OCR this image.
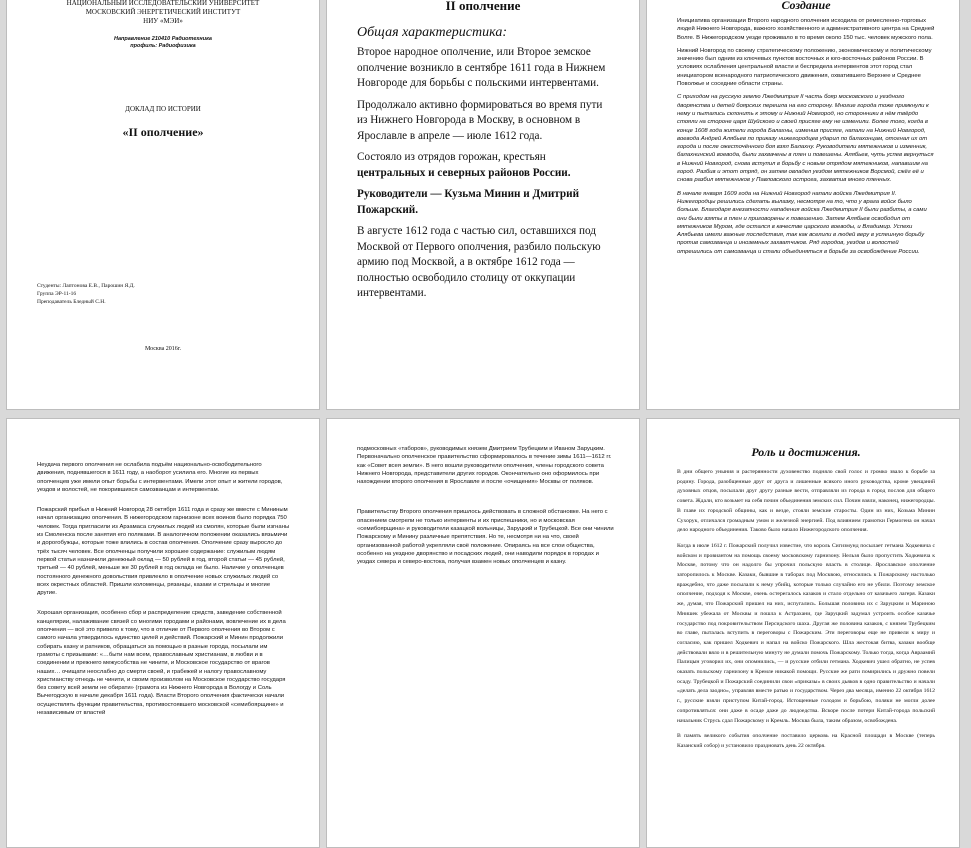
НАЦИОНАЛЬНЫЙ ИССЛЕДОВАТЕЛЬСКИЙ УНИВЕРСИТЕТ
МОСКОВСКИЙ ЭНЕРГЕТИЧЕСКИЙ ИНСТИТУТ
НИУ «МЭИ»
Направление 210410 Радиотехника
профиль: Радиофизика
ДОКЛАД ПО ИСТОРИИ
«II ополчение»
Студенты: Лаптонова Е.В., Парошин Я.Д.
Группа ЭР-11-16
Преподаватель Бледный С.Н.
Москва 2016г.
II ополчение
Общая характеристика:

Второе народное ополчение, или Второе земское ополчение возникло в сентябре 1611 года в Нижнем Новгороде для борьбы с польскими интервентами.

Продолжало активно формироваться во время пути из Нижнего Новгорода в Москву, в основном в Ярославле в апреле — июле 1612 года.

Состояло из отрядов горожан, крестьян
центральных и северных районов России.

Руководители — Кузьма Минин и Дмитрий Пожарский.

В августе 1612 года с частью сил, оставшихся под Москвой от Первого ополчения, разбило польскую армию под Москвой, а в октябре 1612 года — полностью освободило столицу от оккупации интервентами.

Создание

Инициатива организации Второго народного ополчения исходила от ремесленно-торговых людей Нижнего Новгорода, важного хозяйственного и административного центра на Средней Волге. В Нижегородском уезде проживало в то время около 150 тыс. человек мужского пола.

Нижний Новгород по своему стратегическому положению, экономическому и политическому значению был одним из ключевых пунктов восточных и юго-восточных районов России. В условиях ослабления центральной власти и беспредела интервентов этот город стал инициатором всенародного патриотического движения, охватившего Верхнее и Среднее Поволжье и соседние области страны.

С приходом на русскую землю Лжедмитрия II часть бояр московского и уездного дворянства и детей боярских перешла на его сторону. Многие города тоже примкнули к нему и пытались склонить к этому и Нижний Новгород, но сторонники в нём твёрдо стояли на стороне царя Шуйского и своей присяге ему не изменили. Более того, когда в конце 1608 года жители города Балахны, изменив присяге, напали на Нижний Новгород, воевода Андрей Алябьев по приказу нижегородцев ударил по балахонцам, отогнал их от города и после ожесточённого боя взял Балахну. Руководители мятежников и изменник, балахнинский воевода, были захвачены в плен и повешены. Алябьев, чуть успев вернуться в Нижний Новгород, снова вступил в борьбу с новым отрядом мятежников, напавшим на город. Разбив и этот отряд, он затем овладел уездом мятежников Ворсмой, сжёг её и снова разбил мятежников у Павловского острога, захватив много пленных.

В начале января 1609 года на Нижний Новгород напали войска Лжедмитрия II. Нижегородцы решились сделать вылазку, несмотря на то, что у врага войск было больше. Благодаря внезапности нападения войска Лжедмитрия II были разбиты, а сами они были взяты в плен и приговорены к повешению. Затем Алябьев освободил от мятежников Муром, где остался в качестве царского воеводы, и Владимир. Успехи Алябьева имели важные последствия, так как вселили в людей веру в успешную борьбу против самозванца и иноземных захватчиков. Ряд городов, уездов и волостей отрешились от самозванца и стали объединяться в борьбе за освобождение России.

Неудача первого ополчения не ослабила подъём национально-освободительного движения, поднявшегося в 1611 году, а наоборот усилила его. Многие из первых ополченцев уже имели опыт борьбы с интервентами. Имели этот опыт и жители городов, уездов и волостей, не покорившихся самозванцам и интервентам.

Пожарский прибыл в Нижний Новгород 28 октября 1611 года и сразу же вместе с Мининым начал организацию ополчения. В нижегородском гарнизоне всех воинов было порядка 750 человек. Тогда пригласили из Арзамаса служилых людей из смолян, которые были изгнаны из Смоленска после занятия его поляками. В аналогичном положении оказались вязьмичи и дорогобужцы, которые тоже влились в состав ополчения. Ополчение сразу выросло до трёх тысяч человек. Все ополченцы получили хорошее содержание: служилым людям первой статьи назначили денежный оклад — 50 рублей в год, второй статьи — 45 рублей, третьей — 40 рублей, меньше же 30 рублей в год оклада не было. Наличие у ополченцев постоянного денежного довольствия привлекло в ополчение новых служилых людей со всех окрестных областей. Пришли коломенцы, рязанцы, казаки и стрельцы и многие другие.

Хорошая организация, особенно сбор и распределение средств, заведение собственной канцелярии, налаживание связей со многими городами и районами, вовлечение их в дела ополчения — всё это привело к тому, что в отличие от Первого ополчения во Втором с самого начала утвердилось единство целей и действий. Пожарский и Минин продолжили собирать казну и ратников, обращаться за помощью в разные города, посылали им грамоты с призывами: «…быти нам всем, православным христианам, в любви и в соединении и прежнего межусобства не чинити, и Московское государство от врагов наших… очищати неослабно до смерти своей, и грабежей и налогу православному христианству отнюдь не чинити, и своим произволом на Московское государство государя без совету всей земли не обирати» (грамота из Нижнего Новгорода в Вологду и Соль Вычегодскую в начале декабря 1611 года). Власти Второго ополчения фактически начали осуществлять функции правительства, противостоявшего московской «семибоярщине» и независимым от властей

подмосковных «таборов», руководимых князем Дмитрием Трубецким и Иваном Заруцким. Первоначально ополченское правительство сформировалось в течение зимы 1611—1612 гг. как «Совет всея земли». В него вошли руководители ополчения, члены городского совета Нижнего Новгорода, представители других городов. Окончательно оно оформилось при нахождении второго ополчения в Ярославле и после «очищения» Москвы от поляков.

Правительству Второго ополчения пришлось действовать в сложной обстановке. На него с опасением смотрели не только интервенты и их приспешники, но и московская «семибоярщина» и руководители казацкой вольницы, Заруцкий и Трубецкой. Все они чинили Пожарскому и Минину различные препятствия. Но те, несмотря ни на что, своей организованной работой укрепляли своё положение. Опираясь на все слои общества, особенно на уездное дворянство и посадских людей, они наводили порядок в городах и уездах севера и северо-востока, получая взамен новых ополченцев и казну.

Роль и достижения.

В дни общего уныния и растерянности духовенство подняло свой голос и громко звало к борьбе за родину. Города, разобщенные друг от друга и лишенные всякого иного руководства, кроме увещаний духовных отцов, посылали друг другу разные вести, отправляли из города в город послов для общего совета. Ждали, кто возьмет на себя почин объединения земских сил. Почин взяли, наконец, нижегородцы. В главе их городской общины, как и везде, стояли земские старосты. Один из них, Козьма Минин Сухорук, отличался громадным умом и железной энергией. Под влиянием грамотки Гермогена он начал дело народного объединения. Таково было начало Нижегородского ополчения.

Когда в июле 1612 г. Пожарский получил известие, что король Сигизмунд посылает гетмана Ходкевича с войском и провиантом на помощь своему московскому гарнизону. Нельзя было пропустить Ходкевича к Москве, потому что он надолго бы упрочил польскую власть в столице. Ярославское ополчение заторопилось к Москве. Казаки, бывшие в таборах под Москвою, относились к Пожарскому настолько враждебно, что даже посылали к нему убийц, которые только случайно его не убили. Поэтому земское ополчение, подходя к Москве, очень остерегалось казаков и стало отдельно от казачьего лагеря. Казаки же, думая, что Пожарский пришел на них, испугались. Большая половина их с Заруцким и Мариною Мнишек убежала от Москвы и пошла к Астрахани, где Заруцкий задумал устроить особое казачье государство под покровительством Персидского шаха. Другая же половина казаков, с князем Трубецким во главе, пыталась вступить в переговоры с Пожарским. Эти переговоры еще не привели к миру и согласию, как пришел Ходкевич и напал на войско Пожарского. Шла жестокая битва, казаки вообще действовали вяло и в решительную минуту не думали помочь Пожарскому. Только тогда, когда Авраамий Палицын уговорил их, они опомнились, — и русские отбили гетмана. Ходкевич ушел обратно, не успев оказать польскому гарнизону в Кремле никакой помощи. Русские же рати помирились и дружно повели осаду. Трубецкой и Пожарский соединили свои «приказы» в своих дьяков в одно правительство и начали «делать дела заодно», управляя вместе ратью и государством. Через два месяца, именно 22 октября 1612 г., русские взяли приступом Китай-город. Истощенные голодом и борьбою, поляки не могли долее сопротивляться: они даже в осаде даже до людоедства. Вскоре после потери Китай-города польский начальник Струсь сдал Пожарскому и Кремль. Москва была, таким образом, освобождена.

В память великого события ополчение поставило церковь на Красной площади в Москве (теперь Казанский собор) и установило праздновать день 22 октября.
